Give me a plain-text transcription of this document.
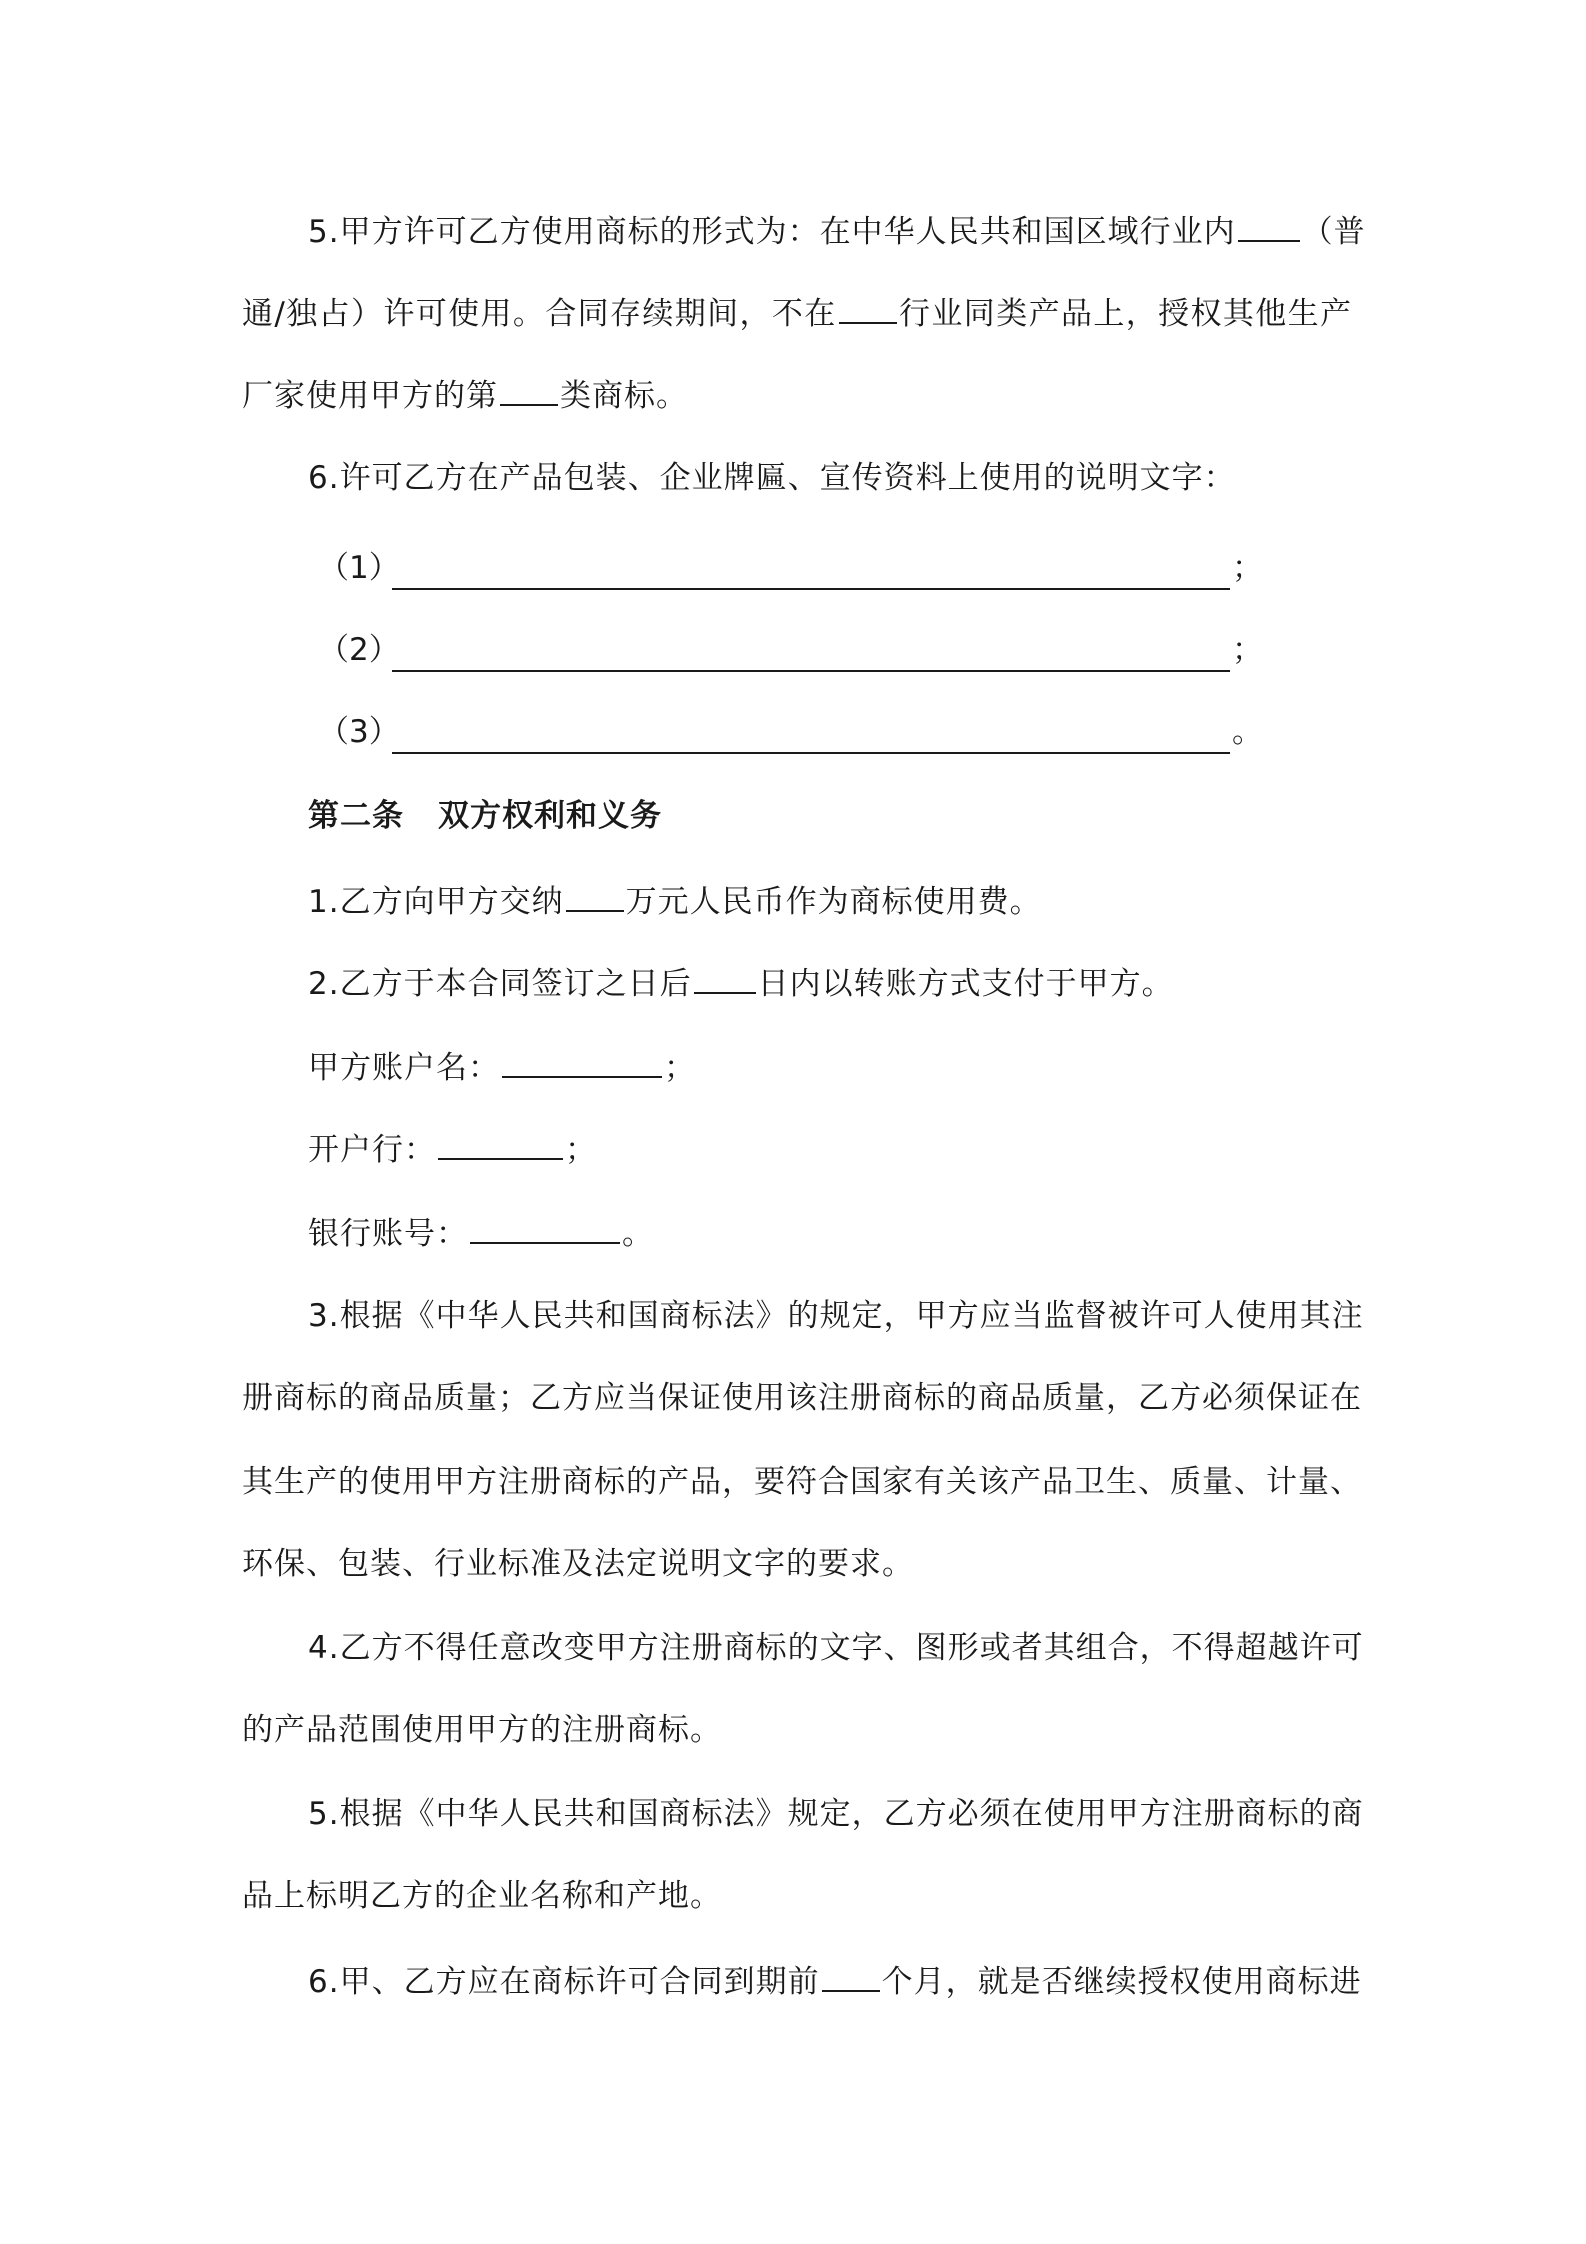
5.甲方许可乙方使用商标的形式为：在中华人民共和国区域行业内 （普
通/独占）许可使用。合同存续期间，不在 行业同类产品上，授权其他生产
厂家使用甲方的第 类商标。
6.许可乙方在产品包装、企业牌匾、宣传资料上使用的说明文字：
（1）	；
（2）	；
（3）	。
第二条 双方权利和义务
1.乙方向甲方交纳 万元人民币作为商标使用费。
2.乙方于本合同签订之日后 日内以转账方式支付于甲方。
甲方账户名：	；
开户行：	；
银行账号：	。
3.根据《中华人民共和国商标法》的规定，甲方应当监督被许可人使用其注
册商标的商品质量；乙方应当保证使用该注册商标的商品质量，乙方必须保证在
其生产的使用甲方注册商标的产品，要符合国家有关该产品卫生、质量、计量、
环保、包装、行业标准及法定说明文字的要求。
4.乙方不得任意改变甲方注册商标的文字、图形或者其组合，不得超越许可
的产品范围使用甲方的注册商标。
5.根据《中华人民共和国商标法》规定，乙方必须在使用甲方注册商标的商
品上标明乙方的企业名称和产地。
6.甲、乙方应在商标许可合同到期前 个月，就是否继续授权使用商标进
